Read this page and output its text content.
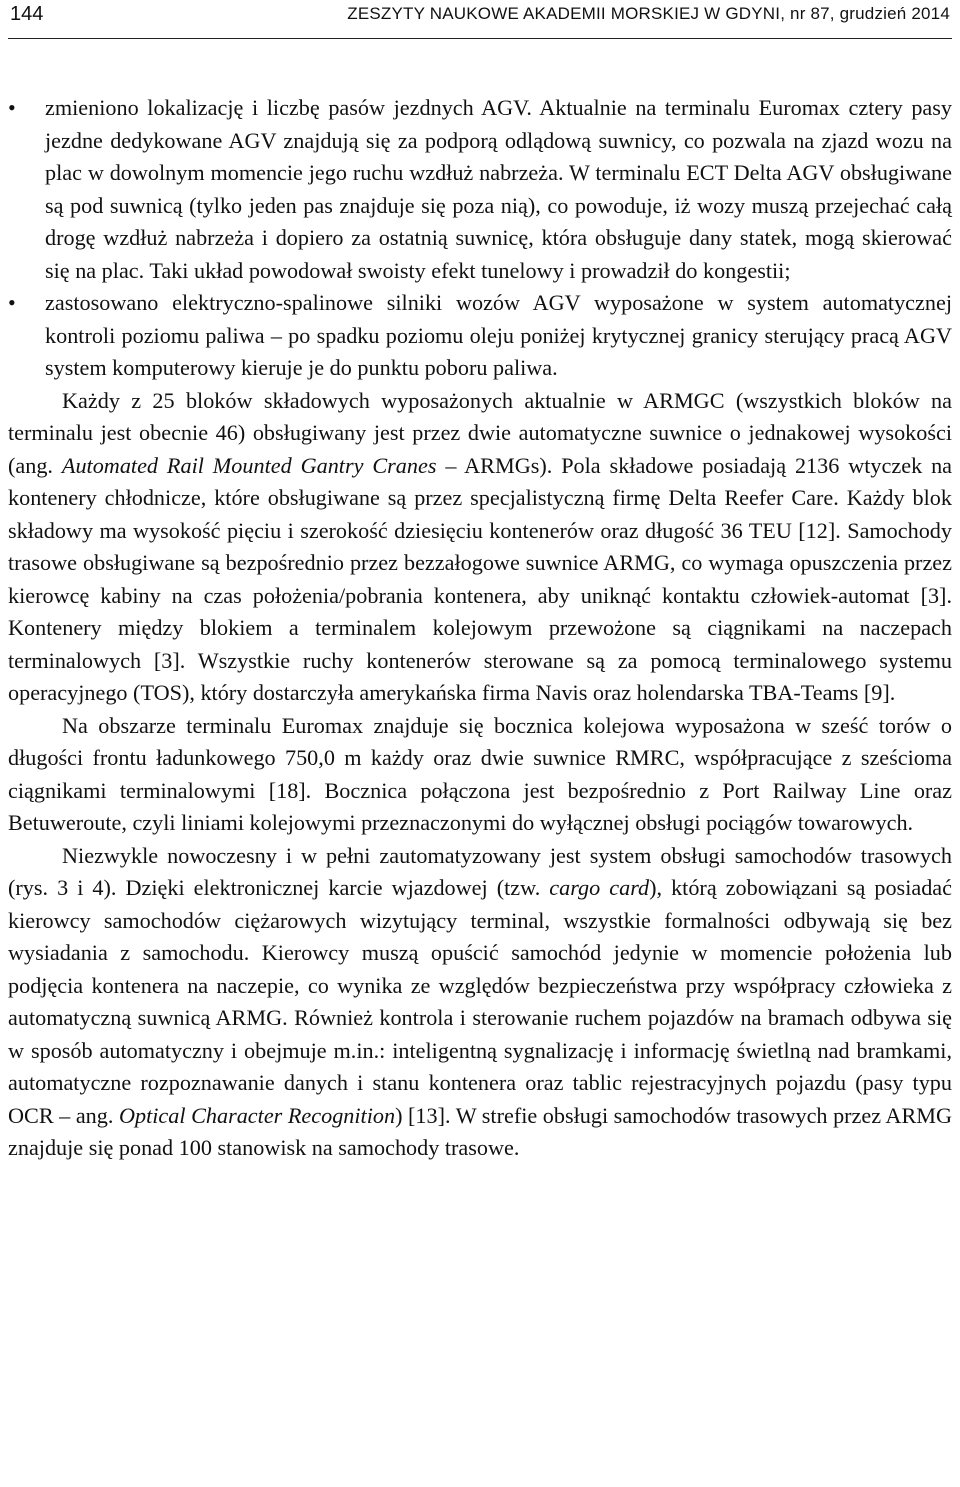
144	ZESZYTY NAUKOWE AKADEMII MORSKIEJ W GDYNI, nr 87, grudzień 2014
• zmieniono lokalizację i liczbę pasów jezdnych AGV. Aktualnie na terminalu Euromax cztery pasy jezdne dedykowane AGV znajdują się za podporą odlądową suwnicy, co pozwala na zjazd wozu na plac w dowolnym momencie jego ruchu wzdłuż nabrzeża. W terminalu ECT Delta AGV obsługiwane są pod suwnicą (tylko jeden pas znajduje się poza nią), co powoduje, iż wozy muszą przejechać całą drogę wzdłuż nabrzeża i dopiero za ostatnią suwnicę, która obsługuje dany statek, mogą skierować się na plac. Taki układ powodował swoisty efekt tunelowy i prowadził do kongestii;
• zastosowano elektryczno-spalinowe silniki wozów AGV wyposażone w system automatycznej kontroli poziomu paliwa – po spadku poziomu oleju poniżej krytycznej granicy sterujący pracą AGV system komputerowy kieruje je do punktu poboru paliwa.

Każdy z 25 bloków składowych wyposażonych aktualnie w ARMGC (wszystkich bloków na terminalu jest obecnie 46) obsługiwany jest przez dwie automatyczne suwnice o jednakowej wysokości (ang. Automated Rail Mounted Gantry Cranes – ARMGs). Pola składowe posiadają 2136 wtyczek na kontenery chłodnicze, które obsługiwane są przez specjalistyczną firmę Delta Reefer Care. Każdy blok składowy ma wysokość pięciu i szerokość dziesięciu kontenerów oraz długość 36 TEU [12]. Samochody trasowe obsługiwane są bezpośrednio przez bezzałogowe suwnice ARMG, co wymaga opuszczenia przez kierowcę kabiny na czas położenia/pobrania kontenera, aby uniknąć kontaktu człowiek-automat [3]. Kontenery między blokiem a terminalem kolejowym przewożone są ciągnikami na naczepach terminalowych [3]. Wszystkie ruchy kontenerów sterowane są za pomocą terminalowego systemu operacyjnego (TOS), który dostarczyła amerykańska firma Navis oraz holendarska TBA-Teams [9].

Na obszarze terminalu Euromax znajduje się bocznica kolejowa wyposażona w sześć torów o długości frontu ładunkowego 750,0 m każdy oraz dwie suwnice RMRC, współpracujące z sześcioma ciągnikami terminalowymi [18]. Bocznica połączona jest bezpośrednio z Port Railway Line oraz Betuweroute, czyli liniami kolejowymi przeznaczonymi do wyłącznej obsługi pociągów towarowych.

Niezwykle nowoczesny i w pełni zautomatyzowany jest system obsługi samochodów trasowych (rys. 3 i 4). Dzięki elektronicznej karcie wjazdowej (tzw. cargo card), którą zobowiązani są posiadać kierowcy samochodów ciężarowych wizytujący terminal, wszystkie formalności odbywają się bez wysiadania z samochodu. Kierowcy muszą opuścić samochód jedynie w momencie położenia lub podjęcia kontenera na naczepie, co wynika ze względów bezpieczeństwa przy współpracy człowieka z automatyczną suwnicą ARMG. Również kontrola i sterowanie ruchem pojazdów na bramach odbywa się w sposób automatyczny i obejmuje m.in.: inteligentną sygnalizację i informację świetlną nad bramkami, automatyczne rozpoznawanie danych i stanu kontenera oraz tablic rejestracyjnych pojazdu (pasy typu OCR – ang. Optical Character Recognition) [13]. W strefie obsługi samochodów trasowych przez ARMG znajduje się ponad 100 stanowisk na samochody trasowe.
